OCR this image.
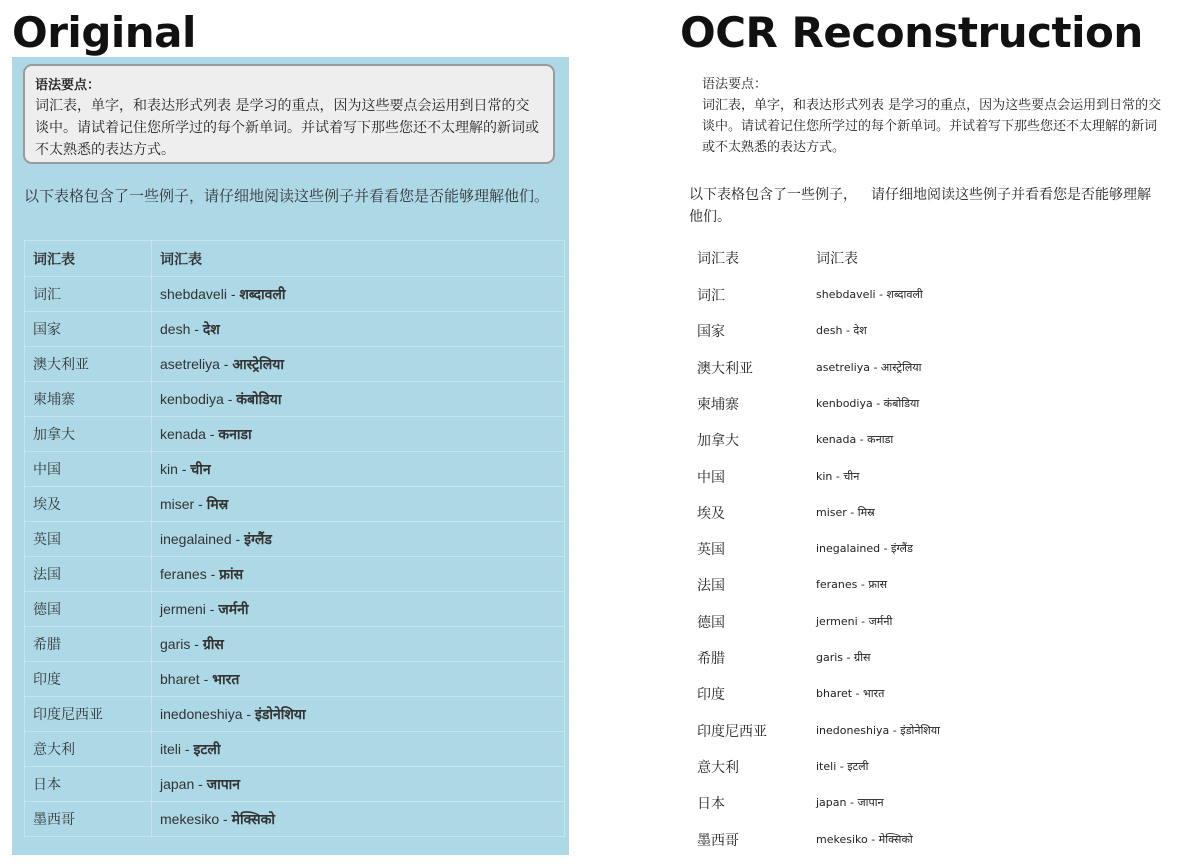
Original	OCR Reconstruction
语法要点：
词汇表，单字，和表达形式列表 是学习的重点，因为这些要点会运用到日常的交谈中。请试着记住您所学过的每个新单词。并试着写下那些您还不太理解的新词或不太熟悉的表达方式。
以下表格包含了一些例子，请仔细地阅读这些例子并看看您是否能够理解他们。
词汇表	词汇表
词汇	shebdaveli - शब्दावली
国家	desh - देश
澳大利亚	asetreliya - आस्ट्रेलिया
柬埔寨	kenbodiya - कंबोडिया
加拿大	kenada - कनाडा
中国	kin - चीन
埃及	miser - मिस्र
英国	inegalained - इंग्लैंड
法国	feranes - फ्रांस
德国	jermeni - जर्मनी
希腊	garis - ग्रीस
印度	bharet - भारत
印度尼西亚	inedoneshiya - इंडोनेशिया
意大利	iteli - इटली
日本	japan - जापान
墨西哥	mekesiko - मेक्सिको
语法要点：
词汇表，单字，和表达形式列表 是学习的重点，因为这些要点会运用到日常的交
谈中。请试着记住您所学过的每个新单词。并试着写下那些您还不太理解的新词
或不太熟悉的表达方式。
以下表格包含了一些例子， 请仔细地阅读这些例子并看看您是否能够理解
他们。
词汇表	词汇表
词汇	shebdaveli - शब्दावली
国家	desh - देश
澳大利亚	asetreliya - आस्ट्रेलिया
柬埔寨	kenbodiya - कंबोडिया
加拿大	kenada - कनाडा
中国	kin - चीन
埃及	miser - मिस्र
英国	inegalained - इंग्लैंड
法国	feranes - फ्रास
德国	jermeni - जर्मनी
希腊	garis - ग्रीस
印度	bharet - भारत
印度尼西亚	inedoneshiya - इंडोनेशिया
意大利	iteli - इटली
日本	japan - जापान
墨西哥	mekesiko - मेक्सिको
